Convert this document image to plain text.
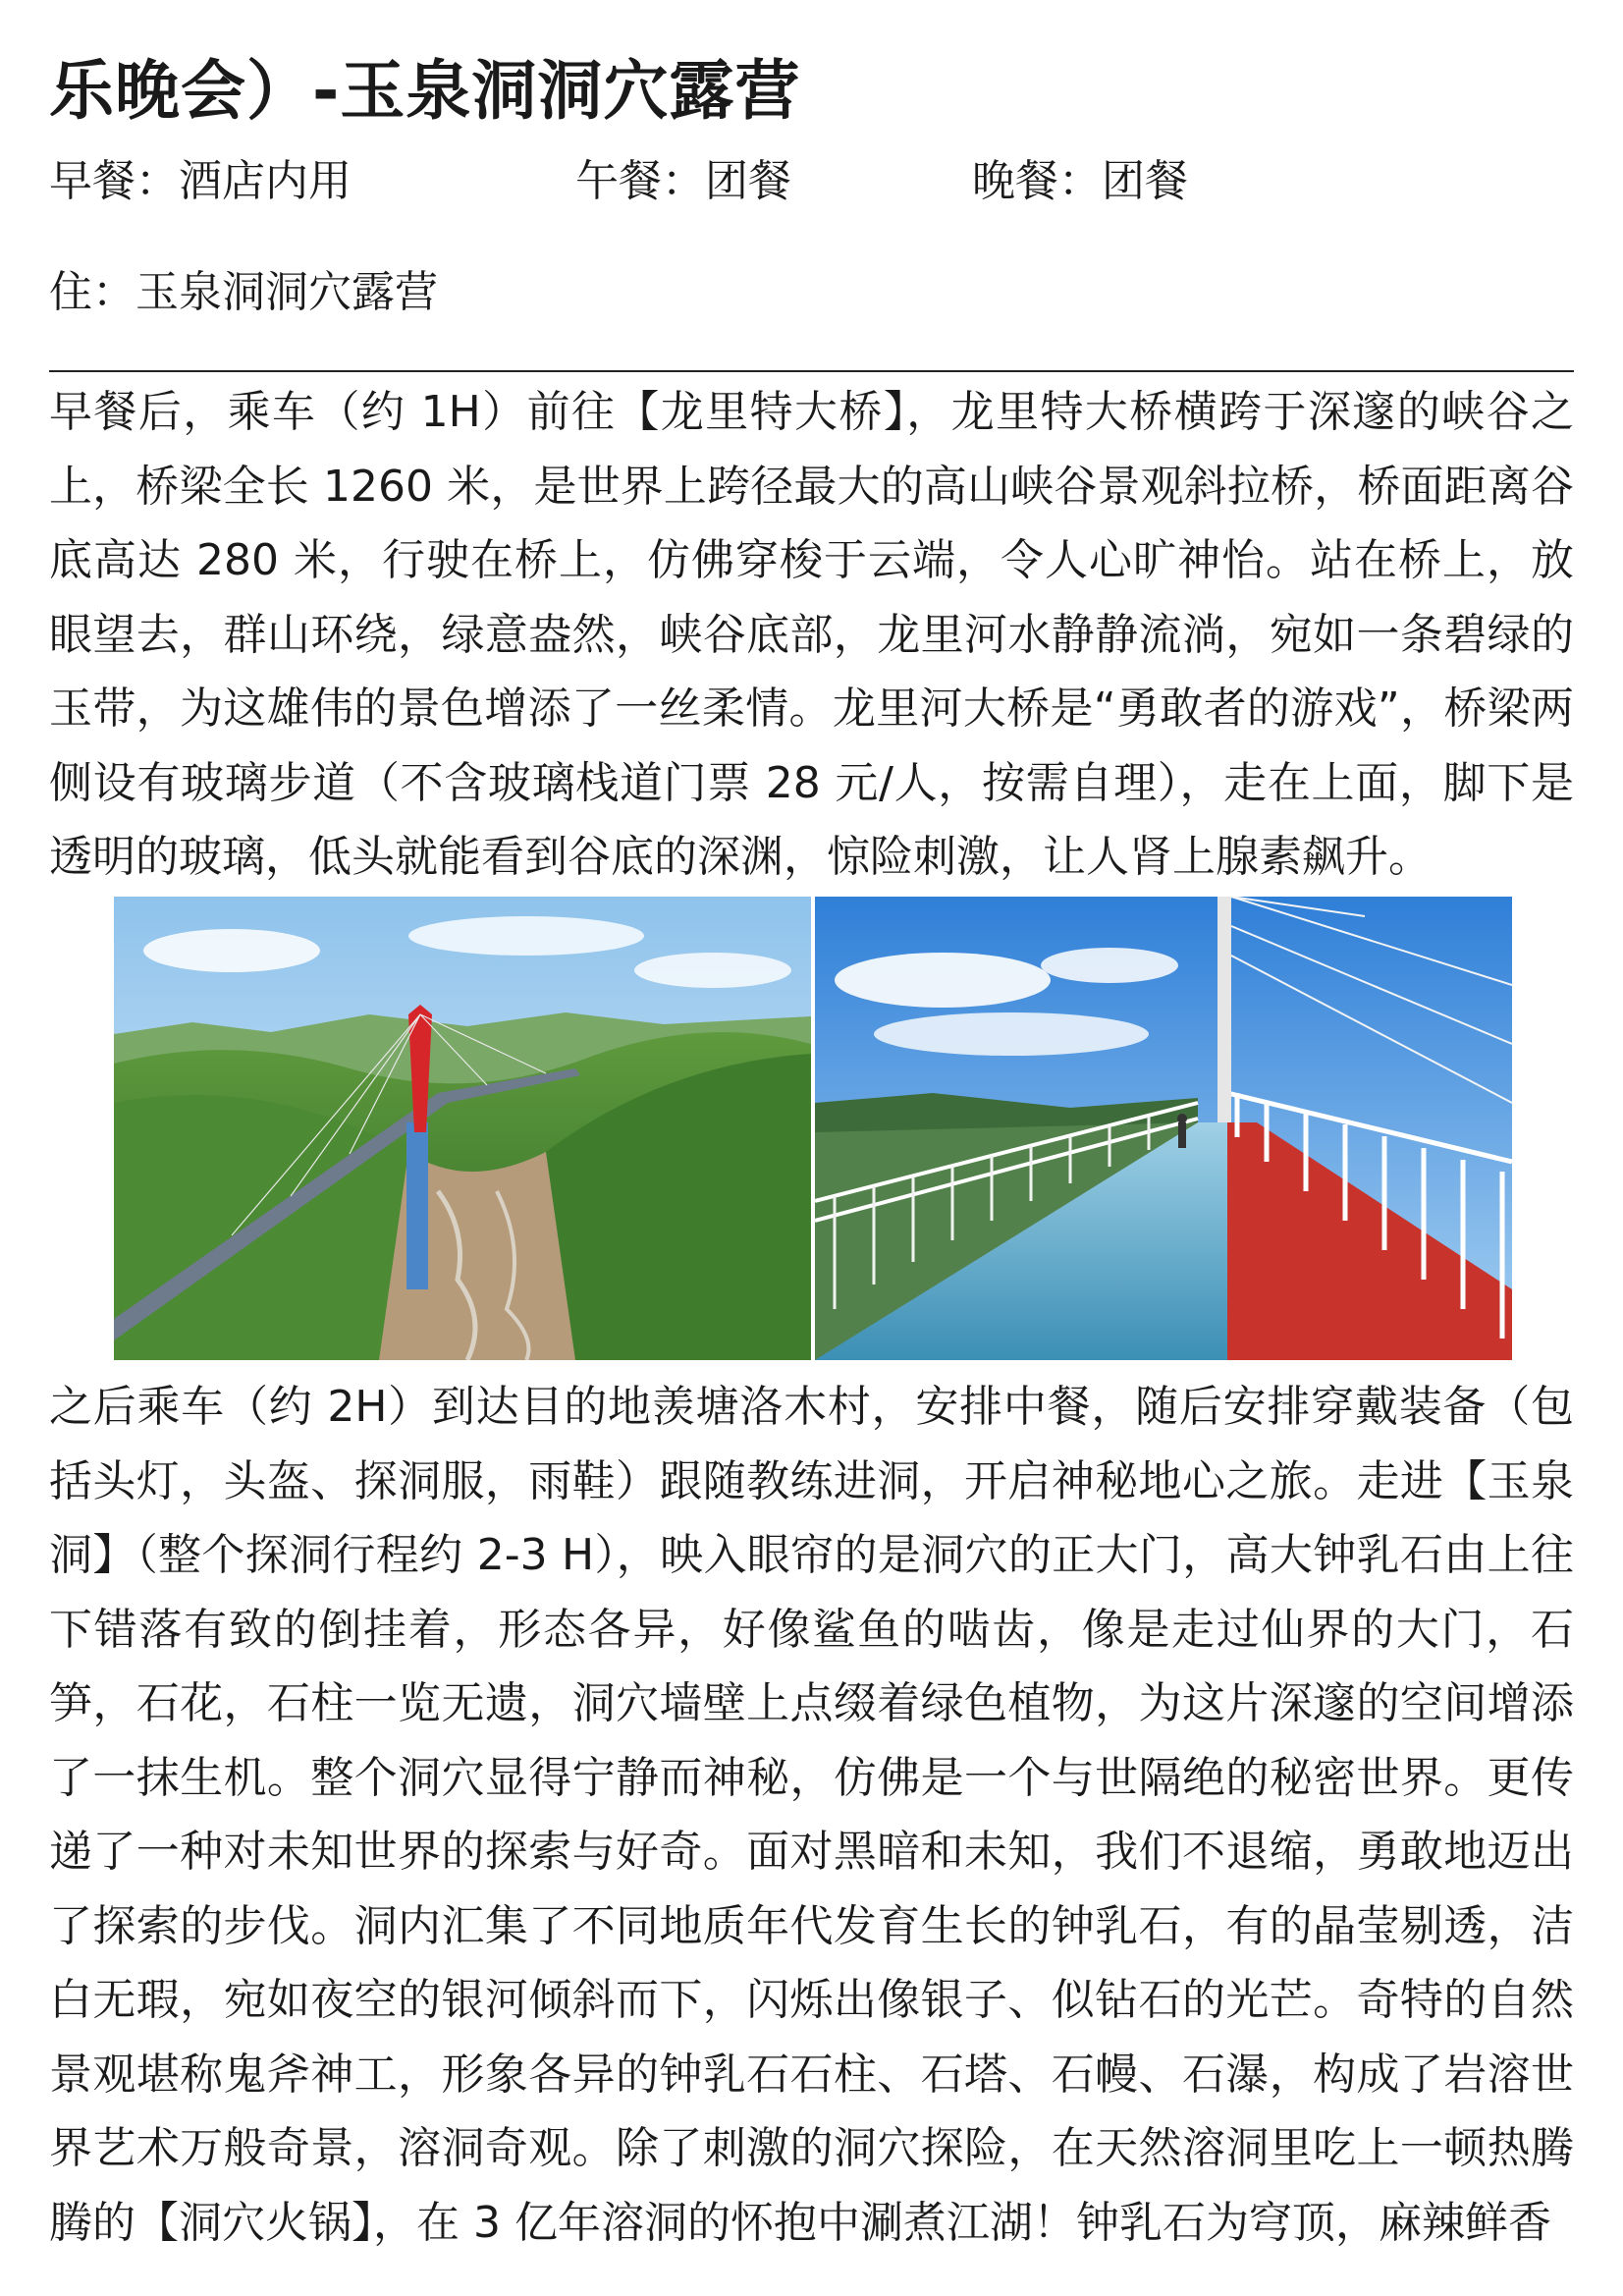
乐晚会）-玉泉洞洞穴露营
早餐：酒店内用	午餐：团餐	晚餐：团餐
住：玉泉洞洞穴露营
早餐后，乘车（约 1H）前往【龙里特大桥】，龙里特大桥横跨于深邃的峡谷之上，桥梁全长 1260 米，是世界上跨径最大的高山峡谷景观斜拉桥，桥面距离谷底高达 280 米，行驶在桥上，仿佛穿梭于云端，令人心旷神怡。站在桥上，放眼望去，群山环绕，绿意盎然，峡谷底部，龙里河水静静流淌，宛如一条碧绿的玉带，为这雄伟的景色增添了一丝柔情。龙里河大桥是“勇敢者的游戏”，桥梁两侧设有玻璃步道（不含玻璃栈道门票 28 元/人，按需自理），走在上面，脚下是透明的玻璃，低头就能看到谷底的深渊，惊险刺激，让人肾上腺素飙升。
之后乘车（约 2H）到达目的地羡塘洛木村，安排中餐，随后安排穿戴装备（包括头灯，头盔、探洞服，雨鞋）跟随教练进洞，开启神秘地心之旅。走进【玉泉洞】（整个探洞行程约 2-3 H），映入眼帘的是洞穴的正大门，高大钟乳石由上往下错落有致的倒挂着，形态各异，好像鲨鱼的啮齿，像是走过仙界的大门，石笋，石花，石柱一览无遗，洞穴墙壁上点缀着绿色植物，为这片深邃的空间增添了一抹生机。整个洞穴显得宁静而神秘，仿佛是一个与世隔绝的秘密世界。更传递了一种对未知世界的探索与好奇。面对黑暗和未知，我们不退缩，勇敢地迈出了探索的步伐。洞内汇集了不同地质年代发育生长的钟乳石，有的晶莹剔透，洁白无瑕，宛如夜空的银河倾斜而下，闪烁出像银子、似钻石的光芒。奇特的自然景观堪称鬼斧神工，形象各异的钟乳石石柱、石塔、石幔、石瀑，构成了岩溶世界艺术万般奇景，溶洞奇观。除了刺激的洞穴探险，在天然溶洞里吃上一顿热腾腾的【洞穴火锅】，在 3 亿年溶洞的怀抱中涮煮江湖！钟乳石为穹顶，麻辣鲜香
